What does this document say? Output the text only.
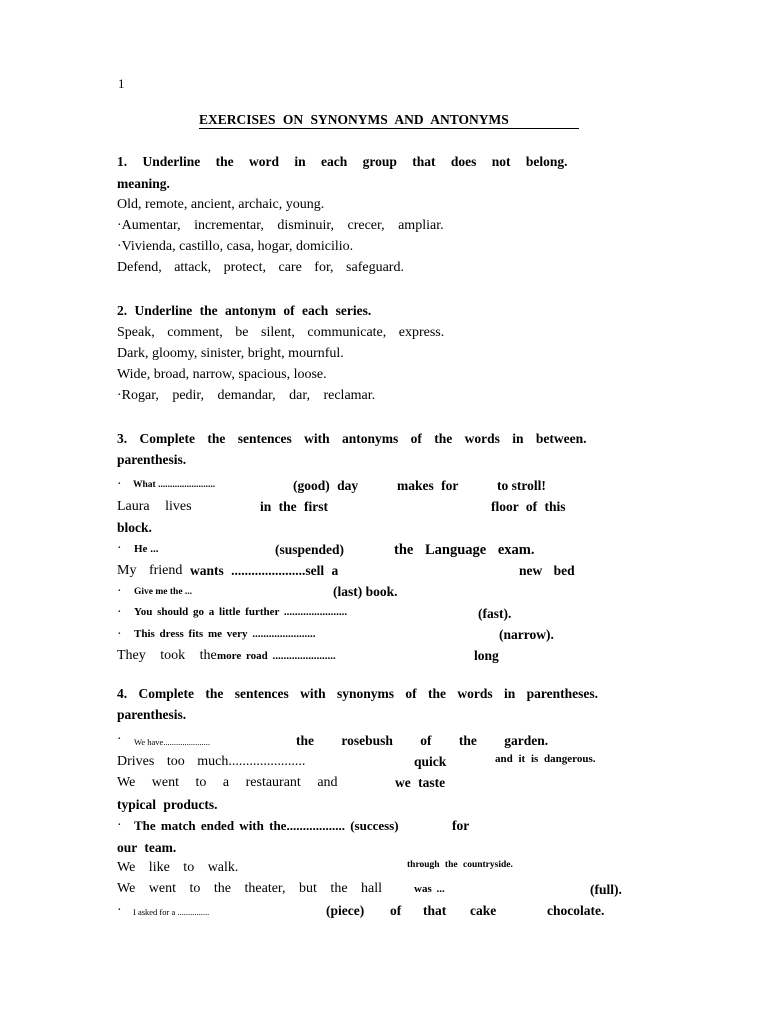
1
EXERCISES ON SYNONYMS AND ANTONYMS
1. Underline the word in each group that does not belong.
meaning.
Old, remote, ancient, archaic, young.
·Aumentar, incrementar, disminuir, crecer, ampliar.
·Vivienda, castillo, casa, hogar, domicilio.
Defend, attack, protect, care for, safeguard.
2. Underline the antonym of each series.
Speak, comment, be silent, communicate, express.
Dark, gloomy, sinister, bright, mournful.
Wide, broad, narrow, spacious, loose.
·Rogar, pedir, demandar, dar, reclamar.
3. Complete the sentences with antonyms of the words in between.
parenthesis.
· What ........................	(good) day	makes for	to stroll!
Laura lives	in the first	floor of this
block.
· He ...	(suspended)	the Language exam.
My friend wants ......................sell a	new bed
· Give me the ...	(last) book.
· You should go a little further .......................	(fast).
· This dress fits me very .......................	(narrow).
They took the more road .......................	long
4. Complete the sentences with synonyms of the words in parentheses.
parenthesis.
· We have......................	the rosebush of the garden.
Drives too much......................	quick	and it is dangerous.
We went to a restaurant and	we taste
typical products.
· The match ended with the.................. (success)	for
our team.
We like to walk.	through the countryside.
We went to the theater, but the hall	was ...	(full).
· I asked for a ...............	(piece) of that cake	chocolate.
